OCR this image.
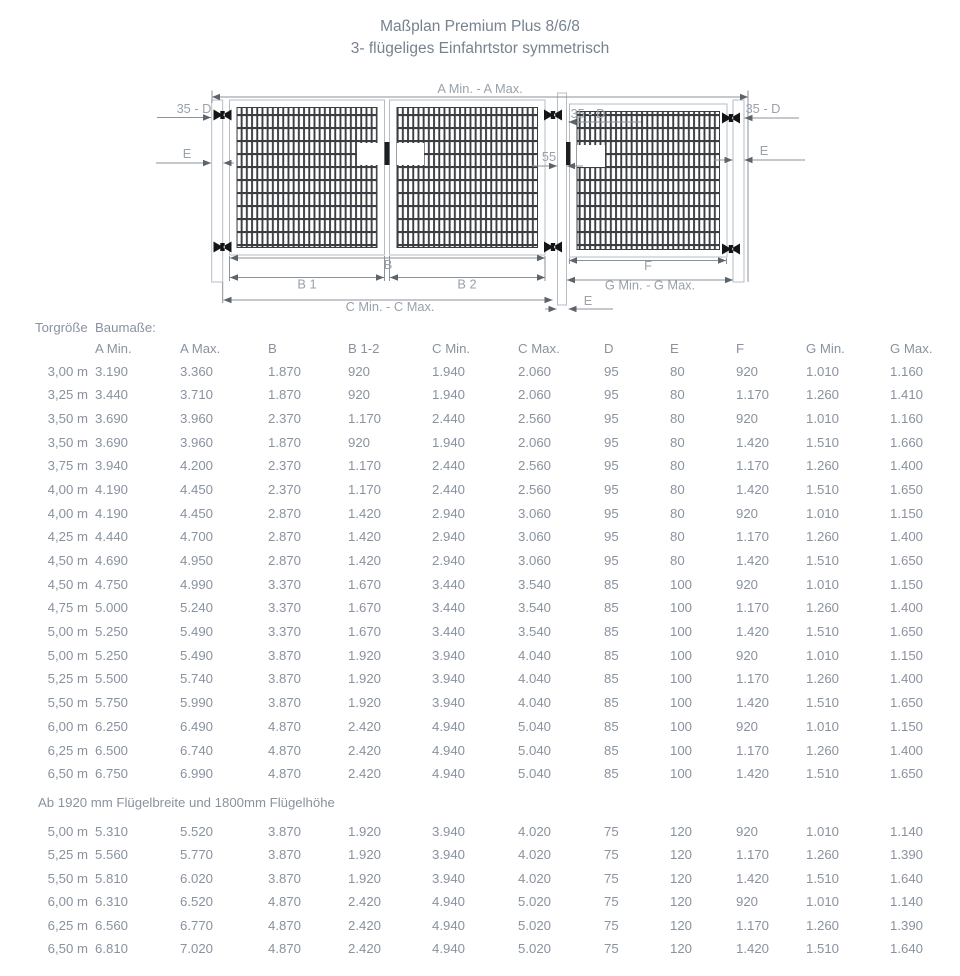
Maßplan Premium Plus 8/6/8
3- flügeliges Einfahrtstor symmetrisch
A Min. - A Max.
35 - D	35 - D	35 - D
E	E
55
B
B 1	B 2
F
G Min. - G Max.
C Min. - C Max.	E
Torgröße Baumaße:
A Min.	A Max.	B	B 1-2	C Min.	C Max.	D	E	F	G Min.	G Max.
3,00 m 3.190	3.360	1.870	920	1.940	2.060	95	80	920	1.010	1.160
3,25 m 3.440	3.710	1.870	920	1.940	2.060	95	80	1.170	1.260	1.410
3,50 m 3.690	3.960	2.370	1.170	2.440	2.560	95	80	920	1.010	1.160
3,50 m 3.690	3.960	1.870	920	1.940	2.060	95	80	1.420	1.510	1.660
3,75 m 3.940	4.200	2.370	1.170	2.440	2.560	95	80	1.170	1.260	1.400
4,00 m 4.190	4.450	2.370	1.170	2.440	2.560	95	80	1.420	1.510	1.650
4,00 m 4.190	4.450	2.870	1.420	2.940	3.060	95	80	920	1.010	1.150
4,25 m 4.440	4.700	2.870	1.420	2.940	3.060	95	80	1.170	1.260	1.400
4,50 m 4.690	4.950	2.870	1.420	2.940	3.060	95	80	1.420	1.510	1.650
4,50 m 4.750	4.990	3.370	1.670	3.440	3.540	85	100	920	1.010	1.150
4,75 m 5.000	5.240	3.370	1.670	3.440	3.540	85	100	1.170	1.260	1.400
5,00 m 5.250	5.490	3.370	1.670	3.440	3.540	85	100	1.420	1.510	1.650
5,00 m 5.250	5.490	3.870	1.920	3.940	4.040	85	100	920	1.010	1.150
5,25 m 5.500	5.740	3.870	1.920	3.940	4.040	85	100	1.170	1.260	1.400
5,50 m 5.750	5.990	3.870	1.920	3.940	4.040	85	100	1.420	1.510	1.650
6,00 m 6.250	6.490	4.870	2.420	4.940	5.040	85	100	920	1.010	1.150
6,25 m 6.500	6.740	4.870	2.420	4.940	5.040	85	100	1.170	1.260	1.400
6,50 m 6.750	6.990	4.870	2.420	4.940	5.040	85	100	1.420	1.510	1.650
Ab 1920 mm Flügelbreite und 1800mm Flügelhöhe
5,00 m 5.310	5.520	3.870	1.920	3.940	4.020	75	120	920	1.010	1.140
5,25 m 5.560	5.770	3.870	1.920	3.940	4.020	75	120	1.170	1.260	1.390
5,50 m 5.810	6.020	3.870	1.920	3.940	4.020	75	120	1.420	1.510	1.640
6,00 m 6.310	6.520	4.870	2.420	4.940	5.020	75	120	920	1.010	1.140
6,25 m 6.560	6.770	4.870	2.420	4.940	5.020	75	120	1.170	1.260	1.390
6,50 m 6.810	7.020	4.870	2.420	4.940	5.020	75	120	1.420	1.510	1.640
